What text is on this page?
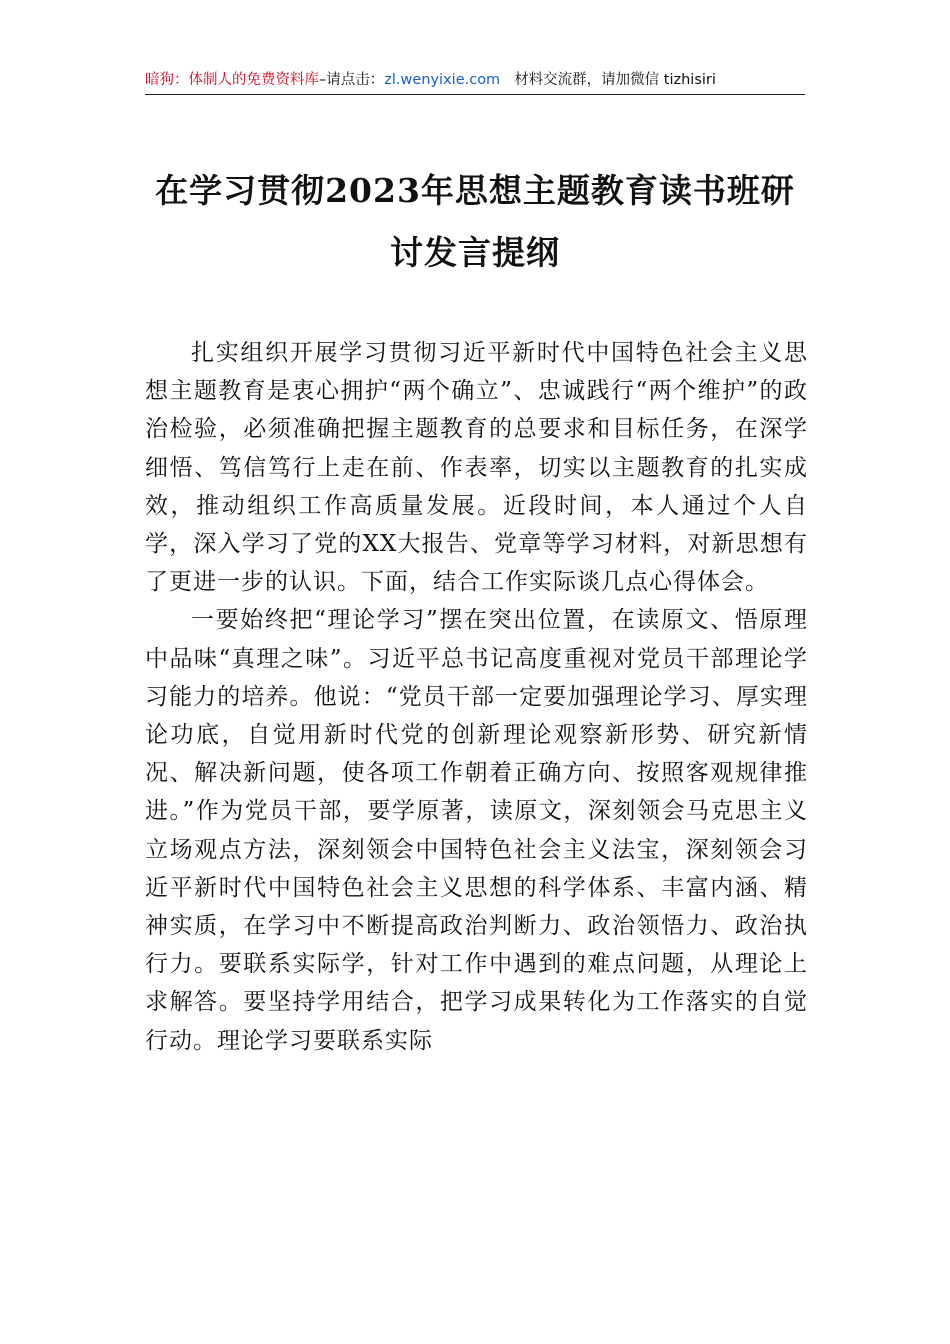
暗狗：体制人的免费资料库–请点击：zl.wenyixie.com 材料交流群，请加微信 tizhisiri
在学习贯彻2023年思想主题教育读书班研
讨发言提纲

扎实组织开展学习贯彻习近平新时代中国特色社会主义思想主题教育是衷心拥护“两个确立”、忠诚践行“两个维护”的政治检验，必须准确把握主题教育的总要求和目标任务，在深学细悟、笃信笃行上走在前、作表率，切实以主题教育的扎实成效，推动组织工作高质量发展。近段时间，本人通过个人自学，深入学习了党的XX大报告、党章等学习材料，对新思想有了更进一步的认识。下面，结合工作实际谈几点心得体会。

一要始终把“理论学习”摆在突出位置，在读原文、悟原理中品味“真理之味”。习近平总书记高度重视对党员干部理论学习能力的培养。他说：“党员干部一定要加强理论学习、厚实理论功底，自觉用新时代党的创新理论观察新形势、研究新情况、解决新问题，使各项工作朝着正确方向、按照客观规律推进。”作为党员干部，要学原著，读原文，深刻领会马克思主义立场观点方法，深刻领会中国特色社会主义法宝，深刻领会习近平新时代中国特色社会主义思想的科学体系、丰富内涵、精神实质，在学习中不断提高政治判断力、政治领悟力、政治执行力。要联系实际学，针对工作中遇到的难点问题，从理论上求解答。要坚持学用结合，把学习成果转化为工作落实的自觉行动。理论学习要联系实际
